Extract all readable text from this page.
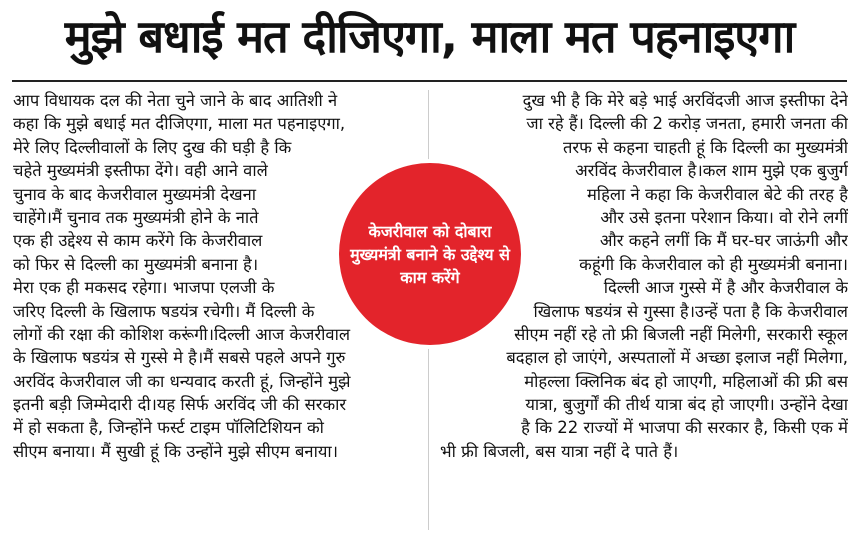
मुझे बधाई मत दीजिएगा, माला मत पहनाइएगा
आप विधायक दल की नेता चुने जाने के बाद आतिशी ने
कहा कि मुझे बधाई मत दीजिएगा, माला मत पहनाइएगा,
मेरे लिए दिल्लीवालों के लिए दुख की घड़ी है कि
चहेते मुख्यमंत्री इस्तीफा देंगे। वही आने वाले
चुनाव के बाद केजरीवाल मुख्यमंत्री देखना
चाहेंगे।मैं चुनाव तक मुख्यमंत्री होने के नाते
एक ही उद्देश्य से काम करेंगे कि केजरीवाल
को फिर से दिल्ली का मुख्यमंत्री बनाना है।
मेरा एक ही मकसद रहेगा। भाजपा एलजी के
जरिए दिल्ली के खिलाफ षडयंत्र रचेगी। मैं दिल्ली के
लोगों की रक्षा की कोशिश करूंगी।दिल्ली आज केजरीवाल
के खिलाफ षडयंत्र से गुस्से मे है।मैं सबसे पहले अपने गुरु
अरविंद केजरीवाल जी का धन्यवाद करती हूं, जिन्होंने मुझे
इतनी बड़ी जिम्मेदारी दी।यह सिर्फ अरविंद जी की सरकार
में हो सकता है, जिन्होंने फर्स्ट टाइम पॉलिटिशियन को
सीएम बनाया। मैं सुखी हूं कि उन्होंने मुझे सीएम बनाया।
दुख भी है कि मेरे बड़े भाई अरविंदजी आज इस्तीफा देने
जा रहे हैं। दिल्ली की 2 करोड़ जनता, हमारी जनता की
तरफ से कहना चाहती हूं कि दिल्ली का मुख्यमंत्री
अरविंद केजरीवाल है।कल शाम मुझे एक बुजुर्ग
महिला ने कहा कि केजरीवाल बेटे की तरह है
और उसे इतना परेशान किया। वो रोने लगीं
और कहने लगीं कि मैं घर-घर जाऊंगी और
कहूंगी कि केजरीवाल को ही मुख्यमंत्री बनाना।
दिल्ली आज गुस्से में है और केजरीवाल के
खिलाफ षडयंत्र से गुस्सा है।उन्हें पता है कि केजरीवाल
सीएम नहीं रहे तो फ्री बिजली नहीं मिलेगी, सरकारी स्कूल
बदहाल हो जाएंगे, अस्पतालों में अच्छा इलाज नहीं मिलेगा,
मोहल्ला क्लिनिक बंद हो जाएगी, महिलाओं की फ्री बस
यात्रा, बुजुर्गों की तीर्थ यात्रा बंद हो जाएगी। उन्होंने देखा
है कि 22 राज्यों में भाजपा की सरकार है, किसी एक में
भी फ्री बिजली, बस यात्रा नहीं दे पाते हैं।
केजरीवाल को दोबारा मुख्यमंत्री बनाने के उद्देश्य से काम करेंगे
